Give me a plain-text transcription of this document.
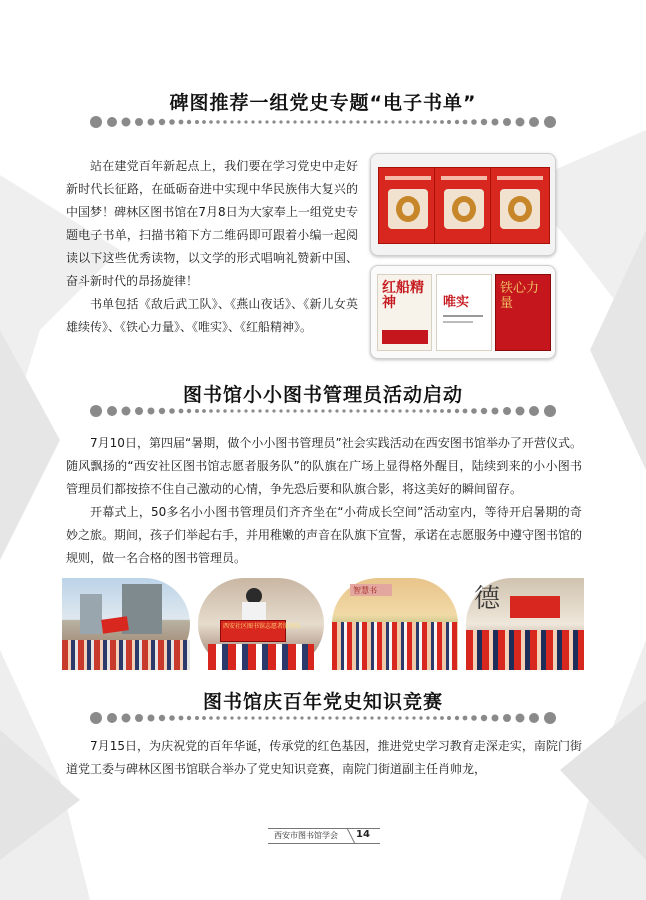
碑图推荐一组党史专题“电子书单”

站在建党百年新起点上，我们要在学习党史中走好新时代长征路，在砥砺奋进中实现中华民族伟大复兴的中国梦！碑林区图书馆在7月8日为大家奉上一组党史专题电子书单，扫描书箱下方二维码即可跟着小编一起阅读以下这些优秀读物，以文学的形式唱响礼赞新中国、奋斗新时代的昂扬旋律！

书单包括《敌后武工队》、《燕山夜话》、《新儿女英雄续传》、《铁心力量》、《唯实》、《红船精神》。

红船精神	唯实
铁心力量
图书馆小小图书管理员活动启动

7月10日，第四届“暑期，做个小小图书管理员”社会实践活动在西安图书馆举办了开营仪式。随风飘扬的“西安社区图书馆志愿者服务队”的队旗在广场上显得格外醒目，陆续到来的小小图书管理员们都按捺不住自己激动的心情，争先恐后要和队旗合影，将这美好的瞬间留存。

开幕式上，50多名小小图书管理员们齐齐坐在“小荷成长空间”活动室内，等待开启暑期的奇妙之旅。期间，孩子们举起右手，并用稚嫩的声音在队旗下宣誓，承诺在志愿服务中遵守图书馆的规则，做一名合格的图书管理员。

西安社区图书馆志愿者服务队
智慧书	德
图书馆庆百年党史知识竞赛

7月15日，为庆祝党的百年华诞，传承党的红色基因，推进党史学习教育走深走实，南院门街道党工委与碑林区图书馆联合举办了党史知识竞赛，南院门街道副主任肖帅龙，

西安市图书馆学会	14
